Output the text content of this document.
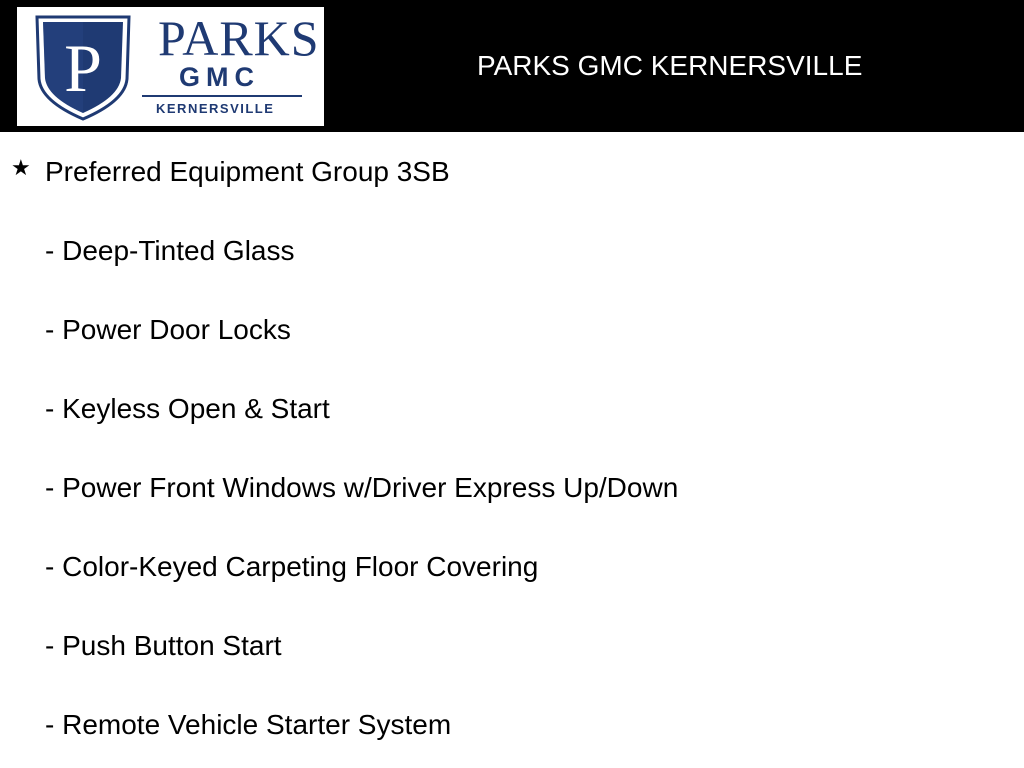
P PARKS
GMC
KERNERSVILLE
PARKS GMC KERNERSVILLE
★ Preferred Equipment Group 3SB
- Deep-Tinted Glass
- Power Door Locks
- Keyless Open & Start
- Power Front Windows w/Driver Express Up/Down
- Color-Keyed Carpeting Floor Covering
- Push Button Start
- Remote Vehicle Starter System
